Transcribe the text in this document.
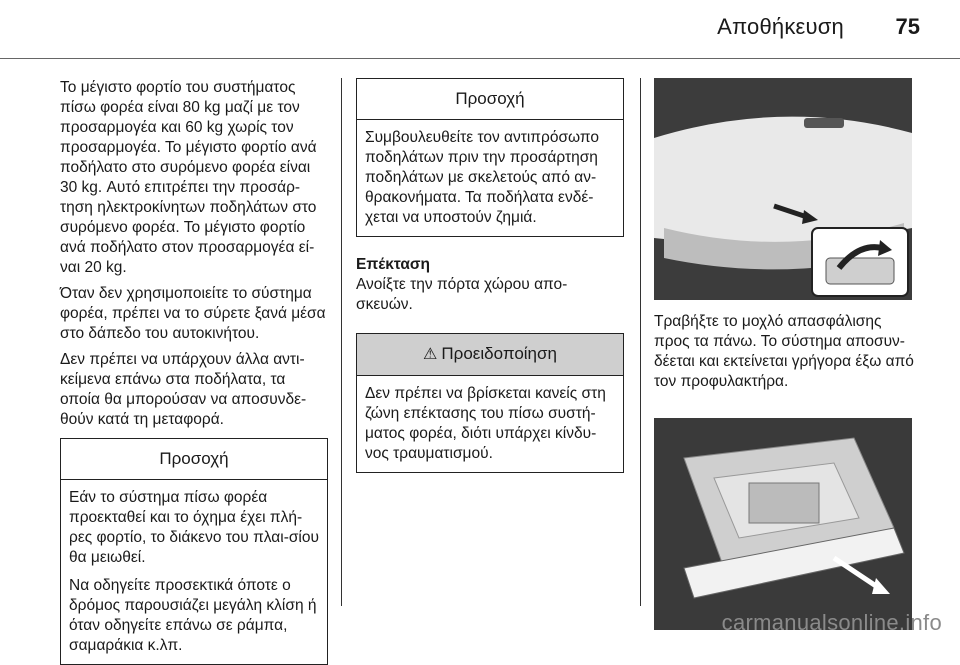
Αποθήκευση 75

Το μέγιστο φορτίο του συστήματος πίσω φορέα είναι 80 kg μαζί με τον προσαρμογέα και 60 kg χωρίς τον προσαρμογέα. Το μέγιστο φορτίο ανά ποδήλατο στο συρόμενο φορέα είναι 30 kg. Αυτό επιτρέπει την προσάρ-τηση ηλεκτροκίνητων ποδηλάτων στο συρόμενο φορέα. Το μέγιστο φορτίο ανά ποδήλατο στον προσαρμογέα εί-ναι 20 kg.

Όταν δεν χρησιμοποιείτε το σύστημα φορέα, πρέπει να το σύρετε ξανά μέσα στο δάπεδο του αυτοκινήτου.

Δεν πρέπει να υπάρχουν άλλα αντι-κείμενα επάνω στα ποδήλατα, τα οποία θα μπορούσαν να αποσυνδε-θούν κατά τη μεταφορά.

Προσοχή

Εάν το σύστημα πίσω φορέα προεκταθεί και το όχημα έχει πλή-ρες φορτίο, το διάκενο του πλαι-σίου θα μειωθεί.

Να οδηγείτε προσεκτικά όποτε ο δρόμος παρουσιάζει μεγάλη κλίση ή όταν οδηγείτε επάνω σε ράμπα, σαμαράκια κ.λπ.

Προσοχή

Συμβουλευθείτε τον αντιπρόσωπο ποδηλάτων πριν την προσάρτηση ποδηλάτων με σκελετούς από αν-θρακονήματα. Τα ποδήλατα ενδέ-χεται να υποστούν ζημιά.

Επέκταση

Ανοίξτε την πόρτα χώρου απο-σκευών.

⚠ Προειδοποίηση

Δεν πρέπει να βρίσκεται κανείς στη ζώνη επέκτασης του πίσω συστή-ματος φορέα, διότι υπάρχει κίνδυ-νος τραυματισμού.

Τραβήξτε το μοχλό απασφάλισης προς τα πάνω. Το σύστημα αποσυν-δέεται και εκτείνεται γρήγορα έξω από τον προφυλακτήρα.

carmanualsonline.info
